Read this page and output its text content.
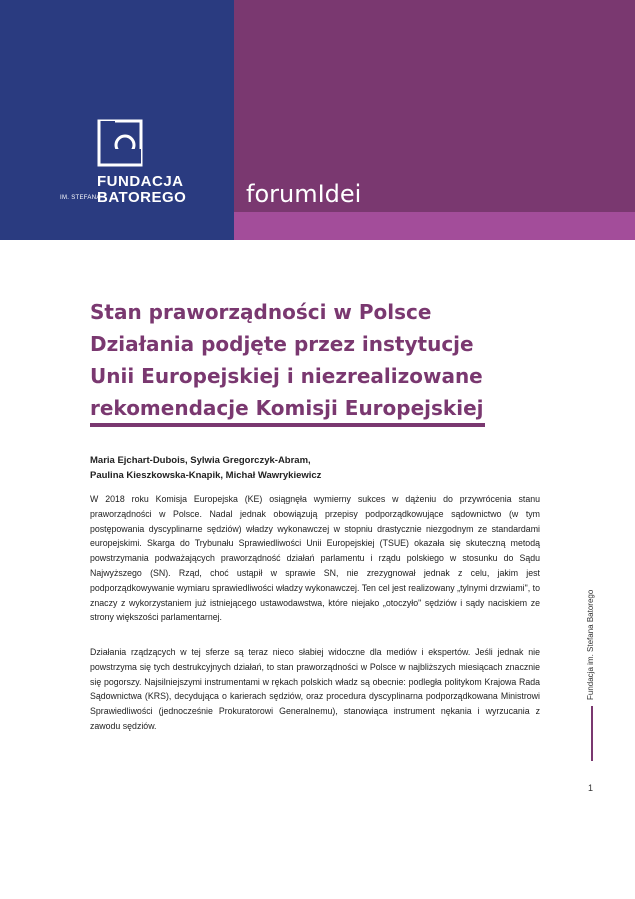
FUNDACJA
IM. STEFANA
BATOREGO forumIdei
Stan praworządności w Polsce Działania podjęte przez instytucje Unii Europejskiej i niezrealizowane rekomendacje Komisji Europejskiej
Maria Ejchart-Dubois, Sylwia Gregorczyk-Abram,
Paulina Kieszkowska-Knapik, Michał Wawrykiewicz

W 2018 roku Komisja Europejska (KE) osiągnęła wymierny sukces w dążeniu do przywrócenia stanu praworządności w Polsce. Nadal jednak obowiązują przepisy podporządkowujące sądownictwo (w tym postępowania dyscyplinarne sędziów) władzy wykonawczej w stopniu drastycznie niezgodnym ze standardami europejskimi. Skarga do Trybunału Sprawiedliwości Unii Europejskiej (TSUE) okazała się skuteczną metodą powstrzymania podważających praworządność działań parlamentu i rządu polskiego w stosunku do Sądu Najwyższego (SN). Rząd, choć ustąpił w sprawie SN, nie zrezygnował jednak z celu, jakim jest podporządkowywanie wymiaru sprawiedliwości władzy wykonawczej. Ten cel jest realizowany „tylnymi drzwiami", to znaczy z wykorzystaniem już istniejącego ustawodawstwa, które niejako „otoczyło" sędziów i sądy naciskiem ze strony większości parlamentarnej.

Działania rządzących w tej sferze są teraz nieco słabiej widoczne dla mediów i ekspertów. Jeśli jednak nie powstrzyma się tych destrukcyjnych działań, to stan praworządności w Polsce w najbliższych miesiącach znacznie się pogorszy. Najsilniejszymi instrumentami w rękach polskich władz są obecnie: podległa politykom Krajowa Rada Sądownictwa (KRS), decydująca o karierach sędziów, oraz procedura dyscyplinarna podporządkowana Ministrowi Sprawiedliwości (jednocześnie Prokuratorowi Generalnemu), stanowiąca instrument nękania i wyrzucania z zawodu sędziów.

Fundacja im. Stefana Batorego
1
